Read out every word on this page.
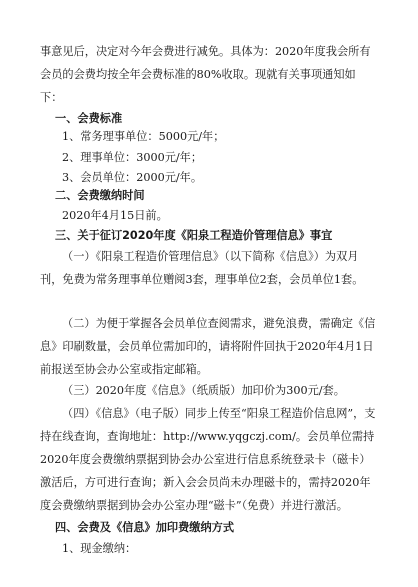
事意见后，决定对今年会费进行减免。具体为：2020年度我会所有会员的会费均按全年会费标准的80%收取。现就有关事项通知如下：

一、会费标准
1、常务理事单位：5000元/年；
2、理事单位：3000元/年；
3、会员单位：2000元/年。
二、会费缴纳时间
2020年4月15日前。
三、关于征订2020年度《阳泉工程造价管理信息》事宜

（一）《阳泉工程造价管理信息》（以下简称《信息》）为双月刊，免费为常务理事单位赠阅3套，理事单位2套，会员单位1套。

（二）为便于掌握各会员单位查阅需求，避免浪费，需确定《信息》印刷数量，会员单位需加印的，请将附件回执于2020年4月1日前报送至协会办公室或指定邮箱。

（三）2020年度《信息》（纸质版）加印价为300元/套。

（四）《信息》（电子版）同步上传至“阳泉工程造价信息网”，支持在线查询，查询地址：http://www.yqgczj.com/。会员单位需持2020年度会费缴纳票据到协会办公室进行信息系统登录卡（磁卡）激活后，方可进行查询；新入会会员尚未办理磁卡的，需持2020年度会费缴纳票据到协会办公室办理“磁卡”（免费）并进行激活。

四、会费及《信息》加印费缴纳方式
1、现金缴纳：
